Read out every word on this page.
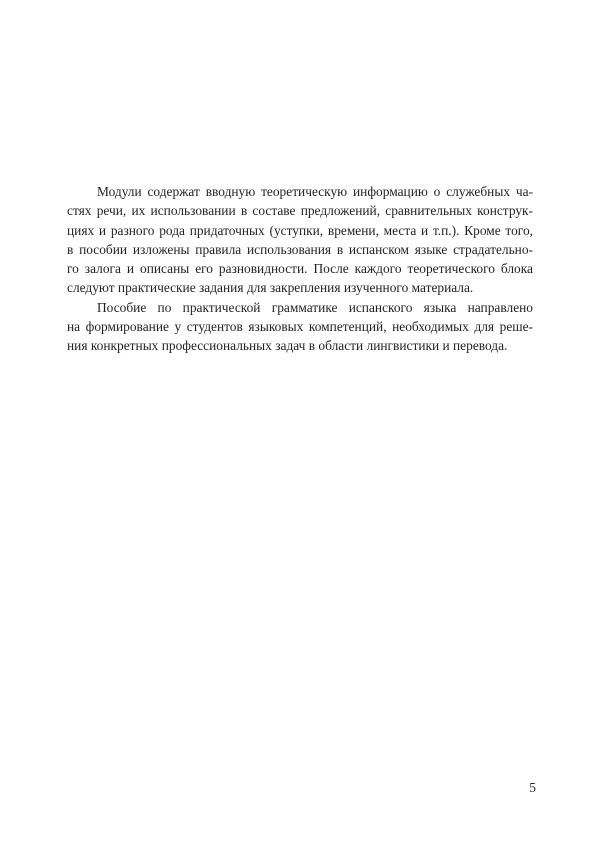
Модули содержат вводную теоретическую информацию о служебных ча-
стях речи, их использовании в составе предложений, сравнительных конструк-
циях и разного рода придаточных (уступки, времени, места и т.п.). Кроме того,
в пособии изложены правила использования в испанском языке страдательно-
го залога и описаны его разновидности. После каждого теоретического блока
следуют практические задания для закрепления изученного материала.
Пособие по практической грамматике испанского языка направлено
на формирование у студентов языковых компетенций, необходимых для реше-
ния конкретных профессиональных задач в области лингвистики и перевода.
5
